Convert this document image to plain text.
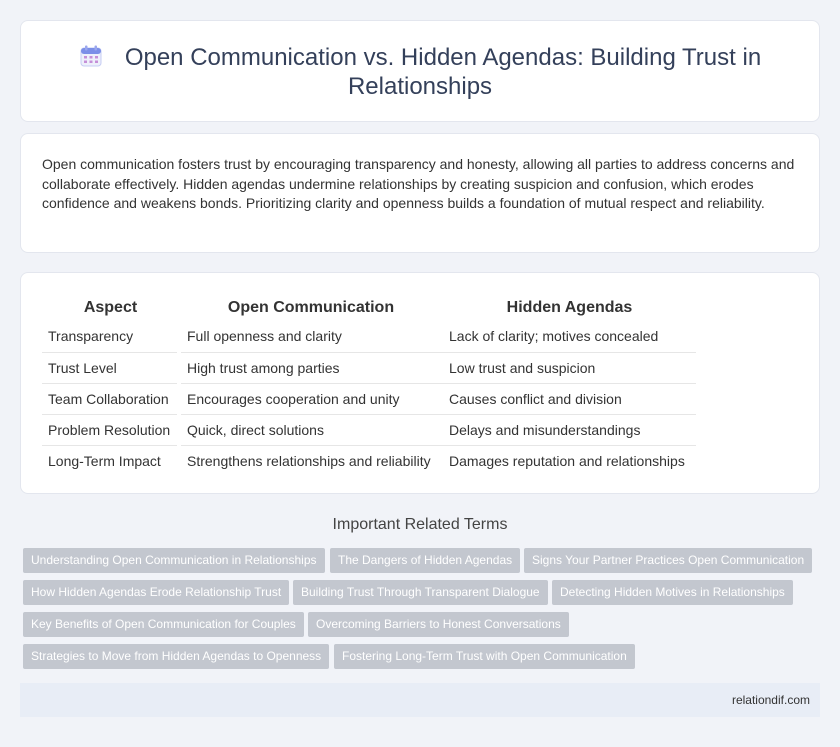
Open Communication vs. Hidden Agendas: Building Trust in Relationships

Open communication fosters trust by encouraging transparency and honesty, allowing all parties to address concerns and collaborate effectively. Hidden agendas undermine relationships by creating suspicion and confusion, which erodes confidence and weakens bonds. Prioritizing clarity and openness builds a foundation of mutual respect and reliability.

Aspect	Open Communication	Hidden Agendas
Transparency	Full openness and clarity	Lack of clarity; motives concealed
Trust Level	High trust among parties	Low trust and suspicion
Team Collaboration	Encourages cooperation and unity	Causes conflict and division
Problem Resolution	Quick, direct solutions	Delays and misunderstandings
Long-Term Impact	Strengthens relationships and reliability	Damages reputation and relationships
Important Related Terms
Understanding Open Communication in Relationships	The Dangers of Hidden Agendas	Signs Your Partner Practices Open Communication
How Hidden Agendas Erode Relationship Trust	Building Trust Through Transparent Dialogue	Detecting Hidden Motives in Relationships
Key Benefits of Open Communication for Couples	Overcoming Barriers to Honest Conversations
Strategies to Move from Hidden Agendas to Openness	Fostering Long-Term Trust with Open Communication
relationdif.com
